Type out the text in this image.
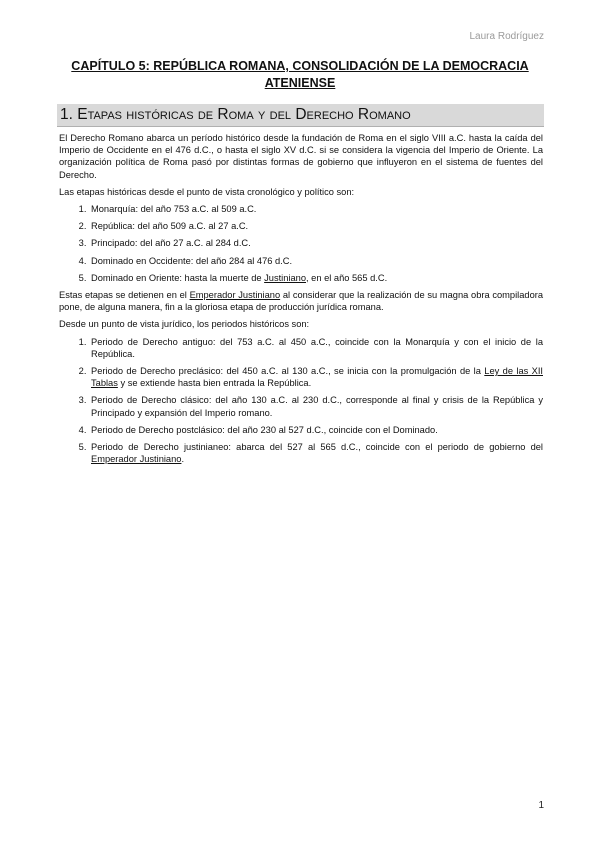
Laura Rodríguez
CAPÍTULO 5: REPÚBLICA ROMANA, CONSOLIDACIÓN DE LA DEMOCRACIA ATENIENSE
1. Etapas históricas de Roma y del Derecho Romano

El Derecho Romano abarca un período histórico desde la fundación de Roma en el siglo VIII a.C. hasta la caída del Imperio de Occidente en el 476 d.C., o hasta el siglo XV d.C. si se considera la vigencia del Imperio de Oriente. La organización política de Roma pasó por distintas formas de gobierno que influyeron en el sistema de fuentes del Derecho.

Las etapas históricas desde el punto de vista cronológico y político son:

1. Monarquía: del año 753 a.C. al 509 a.C.
2. República: del año 509 a.C. al 27 a.C.
3. Principado: del año 27 a.C. al 284 d.C.
4. Dominado en Occidente: del año 284 al 476 d.C.
5. Dominado en Oriente: hasta la muerte de Justiniano, en el año 565 d.C.

Estas etapas se detienen en el Emperador Justiniano al considerar que la realización de su magna obra compiladora pone, de alguna manera, fin a la gloriosa etapa de producción jurídica romana.

Desde un punto de vista jurídico, los periodos históricos son:

1. Periodo de Derecho antiguo: del 753 a.C. al 450 a.C., coincide con la Monarquía y con el inicio de la República.
2. Periodo de Derecho preclásico: del 450 a.C. al 130 a.C., se inicia con la promulgación de la Ley de las XII Tablas y se extiende hasta bien entrada la República.
3. Periodo de Derecho clásico: del año 130 a.C. al 230 d.C., corresponde al final y crisis de la República y Principado y expansión del Imperio romano.
4. Periodo de Derecho postclásico: del año 230 al 527 d.C., coincide con el Dominado.
5. Periodo de Derecho justinianeo: abarca del 527 al 565 d.C., coincide con el periodo de gobierno del Emperador Justiniano.
1
